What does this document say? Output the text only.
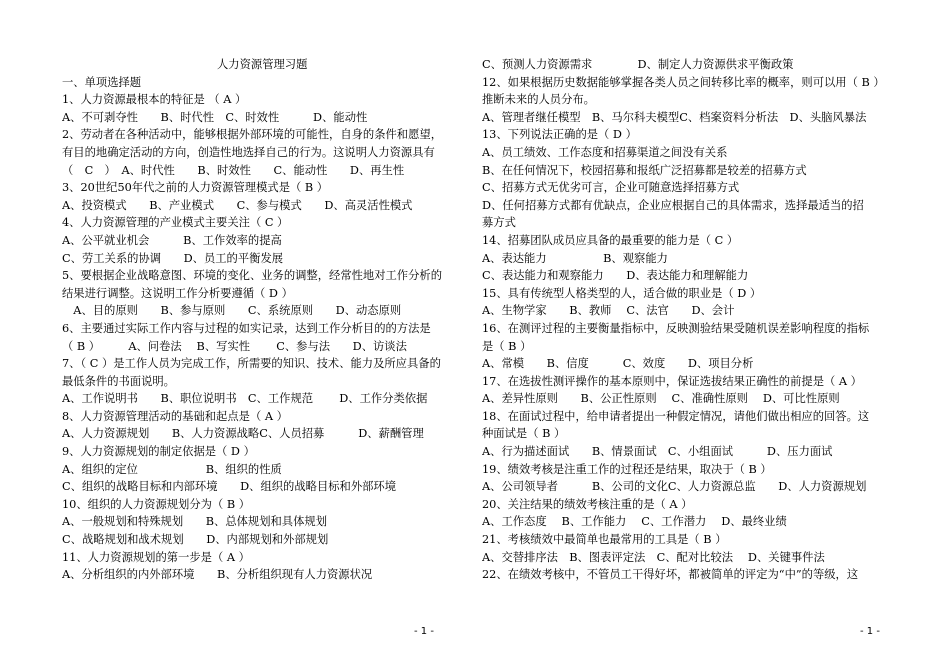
人力资源管理习题
一、单项选择题
1、人力资源最根本的特征是 （ A ）
A、不可剥夺性　　B、时代性　C、时效性　　　D、能动性
2、劳动者在各种活动中，能够根据外部环境的可能性，自身的条件和愿望，
有目的地确定活动的方向，创造性地选择自己的行为。这说明人力资源具有
（　C　）　A、时代性　　B、时效性　　C、能动性　　D、再生性
3、20世纪50年代之前的人力资源管理模式是（ B ）
A、投资模式　　B、产业模式　　C、参与模式　　D、高灵活性模式
4、人力资源管理的产业模式主要关注（ C ）
A、公平就业机会　　　B、工作效率的提高
C、劳工关系的协调　　D、员工的平衡发展
5、要根据企业战略意图、环境的变化、业务的调整，经常性地对工作分析的
结果进行调整。这说明工作分析要遵循（ D ）
　A、目的原则　　B、参与原则　　C、系统原则　　D、动态原则
6、主要通过实际工作内容与过程的如实记录，达到工作分析目的的方法是
（ B ）　　　A、问卷法　 B、写实性　　 C、参与法　　D、访谈法
7、（ C ）是工作人员为完成工作，所需要的知识、技术、能力及所应具备的
最低条件的书面说明。
A、工作说明书　　B、职位说明书　C、工作规范　　 D、工作分类依据
8、人力资源管理活动的基础和起点是（ A ）
A、人力资源规划　　B、人力资源战略C、人员招募　　　D、薪酬管理
9、人力资源规划的制定依据是（ D ）
A、组织的定位　　　　　　B、组织的性质
C、组织的战略目标和内部环境　　D、组织的战略目标和外部环境
10、组织的人力资源规划分为（ B ）
A、一般规划和特殊规划　　B、总体规划和具体规划
C、战略规划和战术规划　　D、内部规划和外部规划
11、人力资源规划的第一步是（ A ）
A、分析组织的内外部环境　　B、分析组织现有人力资源状况
C、预测人力资源需求　　　　D、制定人力资源供求平衡政策
12、如果根据历史数据能够掌握各类人员之间转移比率的概率，则可以用（ B ）
推断未来的人员分布。
A、管理者继任模型　B、马尔科夫模型C、档案资料分析法　D、头脑风暴法
13、下列说法正确的是（ D ）
A、员工绩效、工作态度和招募渠道之间没有关系
B、在任何情况下，校园招募和报纸广泛招募都是较差的招募方式
C、招募方式无优劣可言，企业可随意选择招募方式
D、任何招募方式都有优缺点，企业应根据自己的具体需求，选择最适当的招
募方式
14、招募团队成员应具备的最重要的能力是（ C ）
A、表达能力　　　　　B、观察能力
C、表达能力和观察能力　　D、表达能力和理解能力
15、具有传统型人格类型的人，适合做的职业是（ D ）
A、生物学家　　B、教师　 C、法官　　D、会计
16、在测评过程的主要衡量指标中，反映测验结果受随机误差影响程度的指标
是（ B ）
A、常模　　B、信度　　　C、效度　　D、项目分析
17、在选拔性测评操作的基本原则中，保证选拔结果正确性的前提是（ A ）
A、差异性原则　　B、公正性原则　 C、准确性原则　 D、可比性原则
18、在面试过程中，给申请者提出一种假定情况，请他们做出相应的回答。这
种面试是（ B ）
A、行为描述面试　　B、情景面试　C、小组面试　　　D、压力面试
19、绩效考核是注重工作的过程还是结果，取决于（ B ）
A、公司领导者　　　B、公司的文化C、人力资源总监　　D、人力资源规划
20、关注结果的绩效考核注重的是（ A ）
A、工作态度　 B、工作能力　 C、工作潜力　 D、最终业绩
21、考核绩效中最简单也最常用的工具是（ B ）
A、交替排序法　B、图表评定法　C、配对比较法　 D、关键事件法
22、在绩效考核中，不管员工干得好坏，都被简单的评定为“中”的等级，这
- 1 -	- 1 -
